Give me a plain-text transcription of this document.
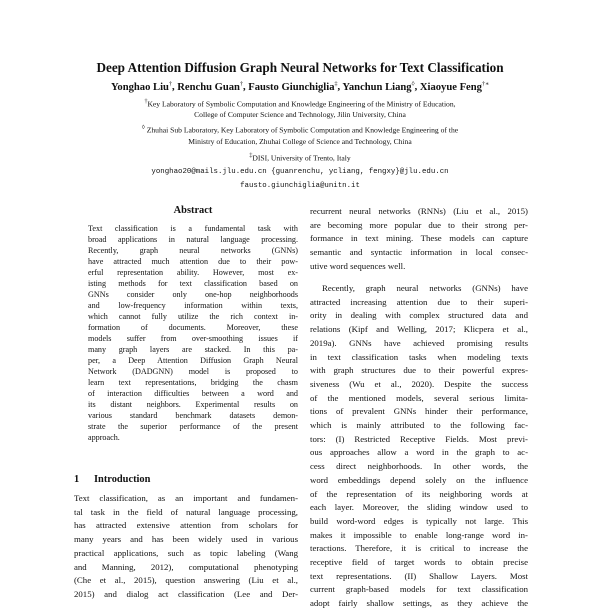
Deep Attention Diffusion Graph Neural Networks for Text Classification
Yonghao Liu†, Renchu Guan†, Fausto Giunchiglia‡, Yanchun Liang◊, Xiaoyue Feng†∗
†Key Laboratory of Symbolic Computation and Knowledge Engineering of the Ministry of Education,
College of Computer Science and Technology, Jilin University, China
◊ Zhuhai Sub Laboratory, Key Laboratory of Symbolic Computation and Knowledge Engineering of the
Ministry of Education, Zhuhai College of Science and Technology, China
‡DISI, University of Trento, Italy
yonghao20@mails.jlu.edu.cn {guanrenchu, ycliang, fengxy}@jlu.edu.cn
fausto.giunchiglia@unitn.it
Abstract
Text classification is a fundamental task with
broad applications in natural language processing.
Recently, graph neural networks (GNNs)
have attracted much attention due to their pow-
erful representation ability. However, most ex-
isting methods for text classification based on
GNNs consider only one-hop neighborhoods
and low-frequency information within texts,
which cannot fully utilize the rich context in-
formation of documents. Moreover, these
models suffer from over-smoothing issues if
many graph layers are stacked. In this pa-
per, a Deep Attention Diffusion Graph Neural
Network (DADGNN) model is proposed to
learn text representations, bridging the chasm
of interaction difficulties between a word and
its distant neighbors. Experimental results on
various standard benchmark datasets demon-
strate the superior performance of the present
approach.
1 Introduction
Text classification, as an important and fundamen-
tal task in the field of natural language processing,
has attracted extensive attention from scholars for
many years and has been widely used in various
practical applications, such as topic labeling (Wang
and Manning, 2012), computational phenotyping
(Che et al., 2015), question answering (Liu et al.,
2015) and dialog act classification (Lee and Der-
recurrent neural networks (RNNs) (Liu et al., 2015)
are becoming more popular due to their strong per-
formance in text mining. These models can capture
semantic and syntactic information in local consec-
utive word sequences well.
Recently, graph neural networks (GNNs) have
attracted increasing attention due to their superi-
ority in dealing with complex structured data and
relations (Kipf and Welling, 2017; Klicpera et al.,
2019a). GNNs have achieved promising results
in text classification tasks when modeling texts
with graph structures due to their powerful expres-
siveness (Wu et al., 2020). Despite the success
of the mentioned models, several serious limita-
tions of prevalent GNNs hinder their performance,
which is mainly attributed to the following fac-
tors: (I) Restricted Receptive Fields. Most previ-
ous approaches allow a word in the graph to ac-
cess direct neighborhoods. In other words, the
word embeddings depend solely on the influence
of the representation of its neighboring words at
each layer. Moreover, the sliding window used to
build word-word edges is typically not large. This
makes it impossible to enable long-range word in-
teractions. Therefore, it is critical to increase the
receptive field of target words to obtain precise
text representations. (II) Shallow Layers. Most
current graph-based models for text classification
adopt fairly shallow settings, as they achieve the
